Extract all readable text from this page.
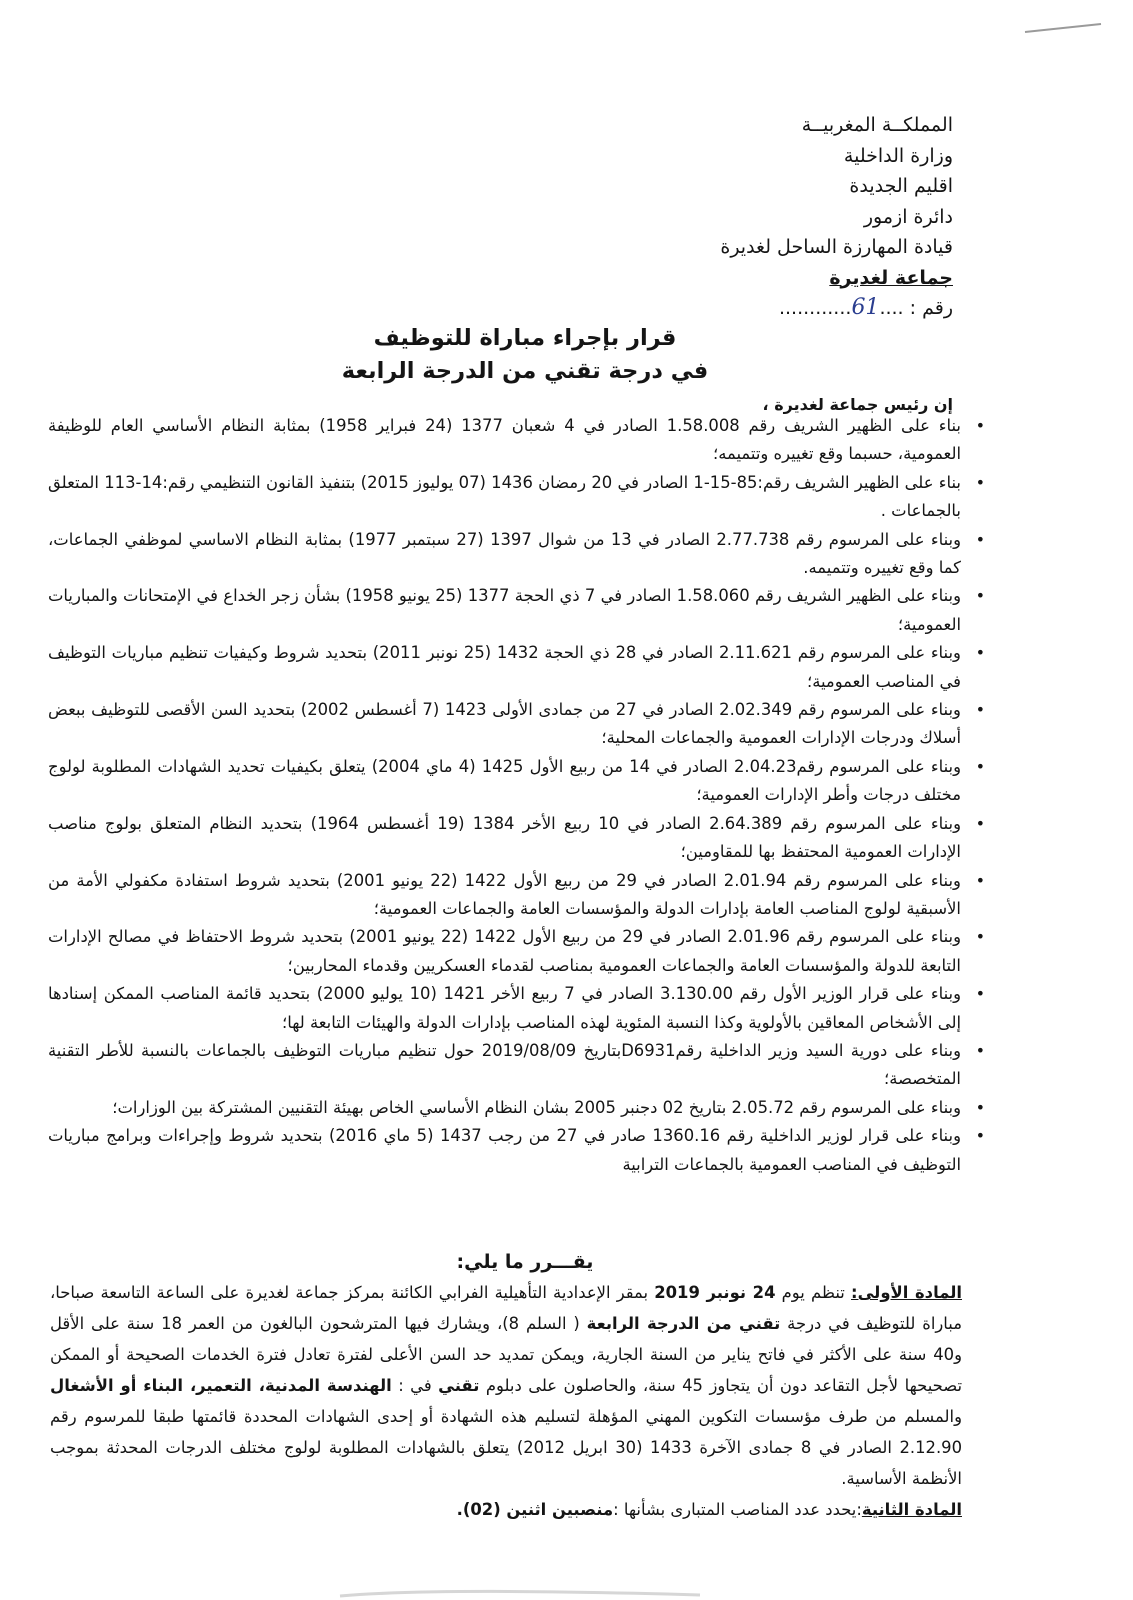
المملكــة المغربيــة
وزارة الداخلية
اقليم الجديدة
دائرة ازمور
قيادة المهارزة الساحل لغديرة
جماعة لغديرة
رقم : ....61............
قرار بإجراء مباراة للتوظيف
في درجة تقني من الدرجة الرابعة
إن رئيس جماعة لغديرة ،
• بناء على الظهير الشريف رقم 1.58.008 الصادر في 4 شعبان 1377 (24 فبراير 1958) بمثابة النظام الأساسي العام للوظيفة العمومية، حسبما وقع تغييره وتتميمه؛
• بناء على الظهير الشريف رقم:85-15-1 الصادر في 20 رمضان 1436 (07 يوليوز 2015) بتنفيذ القانون التنظيمي رقم:14-113 المتعلق بالجماعات .
• وبناء على المرسوم رقم 2.77.738 الصادر في 13 من شوال 1397 (27 سبتمبر 1977) بمثابة النظام الاساسي لموظفي الجماعات، كما وقع تغييره وتتميمه.
• وبناء على الظهير الشريف رقم 1.58.060 الصادر في 7 ذي الحجة 1377 (25 يونيو 1958) بشأن زجر الخداع في الإمتحانات والمباريات العمومية؛
• وبناء على المرسوم رقم 2.11.621 الصادر في 28 ذي الحجة 1432 (25 نونبر 2011) بتحديد شروط وكيفيات تنظيم مباريات التوظيف في المناصب العمومية؛
• وبناء على المرسوم رقم 2.02.349 الصادر في 27 من جمادى الأولى 1423 (7 أغسطس 2002) بتحديد السن الأقصى للتوظيف ببعض أسلاك ودرجات الإدارات العمومية والجماعات المحلية؛
• وبناء على المرسوم رقم2.04.23 الصادر في 14 من ربيع الأول 1425 (4 ماي 2004) يتعلق بكيفيات تحديد الشهادات المطلوبة لولوج مختلف درجات وأطر الإدارات العمومية؛
• وبناء على المرسوم رقم 2.64.389 الصادر في 10 ربيع الأخر 1384 (19 أغسطس 1964) بتحديد النظام المتعلق بولوج مناصب الإدارات العمومية المحتفظ بها للمقاومين؛
• وبناء على المرسوم رقم 2.01.94 الصادر في 29 من ربيع الأول 1422 (22 يونيو 2001) بتحديد شروط استفادة مكفولي الأمة من الأسبقية لولوج المناصب العامة بإدارات الدولة والمؤسسات العامة والجماعات العمومية؛
• وبناء على المرسوم رقم 2.01.96 الصادر في 29 من ربيع الأول 1422 (22 يونيو 2001) بتحديد شروط الاحتفاظ في مصالح الإدارات التابعة للدولة والمؤسسات العامة والجماعات العمومية بمناصب لقدماء العسكريين وقدماء المحاربين؛
• وبناء على قرار الوزير الأول رقم 3.130.00 الصادر في 7 ربيع الأخر 1421 (10 يوليو 2000) بتحديد قائمة المناصب الممكن إسنادها إلى الأشخاص المعاقين بالأولوية وكذا النسبة المئوية لهذه المناصب بإدارات الدولة والهيئات التابعة لها؛
• وبناء على دورية السيد وزير الداخلية رقمD6931بتاريخ 2019/08/09 حول تنظيم مباريات التوظيف بالجماعات بالنسبة للأطر التقنية المتخصصة؛
• وبناء على المرسوم رقم 2.05.72 بتاريخ 02 دجنبر 2005 بشان النظام الأساسي الخاص بهيئة التقنيين المشتركة بين الوزارات؛
• وبناء على قرار لوزير الداخلية رقم 1360.16 صادر في 27 من رجب 1437 (5 ماي 2016) بتحديد شروط وإجراءات وبرامج مباريات التوظيف في المناصب العمومية بالجماعات الترابية
يقـــرر ما يلي:

المادة الأولى: تنظم يوم 24 نونبر 2019 بمقر الإعدادية التأهيلية الفرابي الكائنة بمركز جماعة لغديرة على الساعة التاسعة صباحا، مباراة للتوظيف في درجة تقني من الدرجة الرابعة ( السلم 8)، ويشارك فيها المترشحون البالغون من العمر 18 سنة على الأقل و40 سنة على الأكثر في فاتح يناير من السنة الجارية، ويمكن تمديد حد السن الأعلى لفترة تعادل فترة الخدمات الصحيحة أو الممكن تصحيحها لأجل التقاعد دون أن يتجاوز 45 سنة، والحاصلون على دبلوم تقني في : الهندسة المدنية، التعمير، البناء أو الأشغال والمسلم من طرف مؤسسات التكوين المهني المؤهلة لتسليم هذه الشهادة أو إحدى الشهادات المحددة قائمتها طبقا للمرسوم رقم 2.12.90 الصادر في 8 جمادى الآخرة 1433 (30 ابريل 2012) يتعلق بالشهادات المطلوبة لولوج مختلف الدرجات المحدثة بموجب الأنظمة الأساسية.

المادة الثانية:يحدد عدد المناصب المتبارى بشأنها :منصبين اثنين (02).
